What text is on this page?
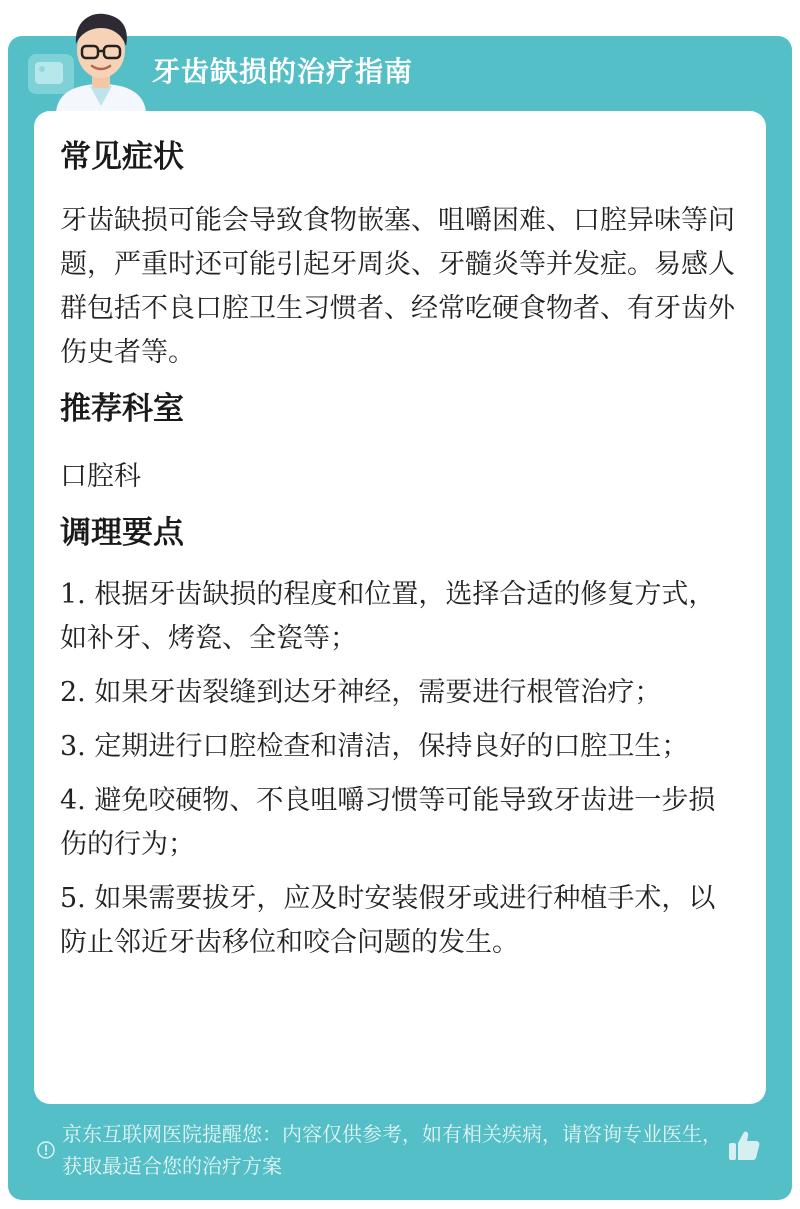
牙齿缺损的治疗指南
常见症状

牙齿缺损可能会导致食物嵌塞、咀嚼困难、口腔异味等问题，严重时还可能引起牙周炎、牙髓炎等并发症。易感人群包括不良口腔卫生习惯者、经常吃硬食物者、有牙齿外伤史者等。

推荐科室

口腔科

调理要点
1. 根据牙齿缺损的程度和位置，选择合适的修复方式，如补牙、烤瓷、全瓷等；
2. 如果牙齿裂缝到达牙神经，需要进行根管治疗；
3. 定期进行口腔检查和清洁，保持良好的口腔卫生；
4. 避免咬硬物、不良咀嚼习惯等可能导致牙齿进一步损伤的行为；
5. 如果需要拔牙，应及时安装假牙或进行种植手术，以防止邻近牙齿移位和咬合问题的发生。
京东互联网医院提醒您：内容仅供参考，如有相关疾病，请咨询专业医生，获取最适合您的治疗方案
